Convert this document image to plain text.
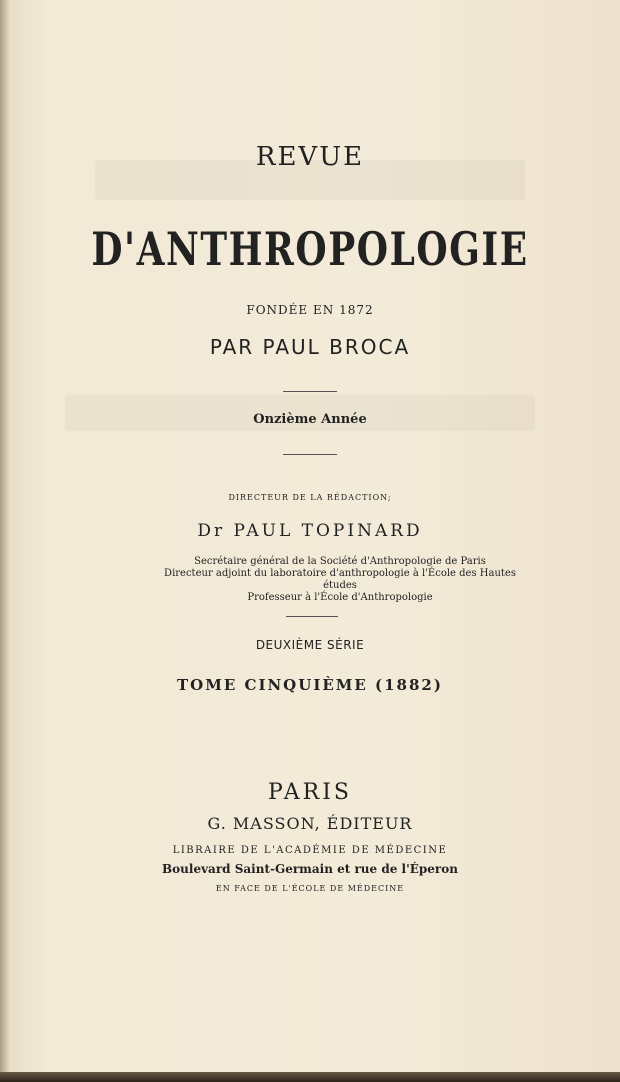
REVUE
D'ANTHROPOLOGIE
FONDÉE EN 1872
PAR PAUL BROCA
Onzième Année
DIRECTEUR DE LA RÉDACTION;
Dr PAUL TOPINARD
Secrétaire général de la Société d'Anthropologie de Paris
Directeur adjoint du laboratoire d'anthropologie à l'École des Hautes études
Professeur à l'École d'Anthropologie
DEUXIÈME SÉRIE
TOME CINQUIÈME (1882)
PARIS
G. MASSON, ÉDITEUR
LIBRAIRE DE L'ACADÉMIE DE MÉDECINE
Boulevard Saint-Germain et rue de l'Éperon
EN FACE DE L'ÉCOLE DE MÉDECINE
